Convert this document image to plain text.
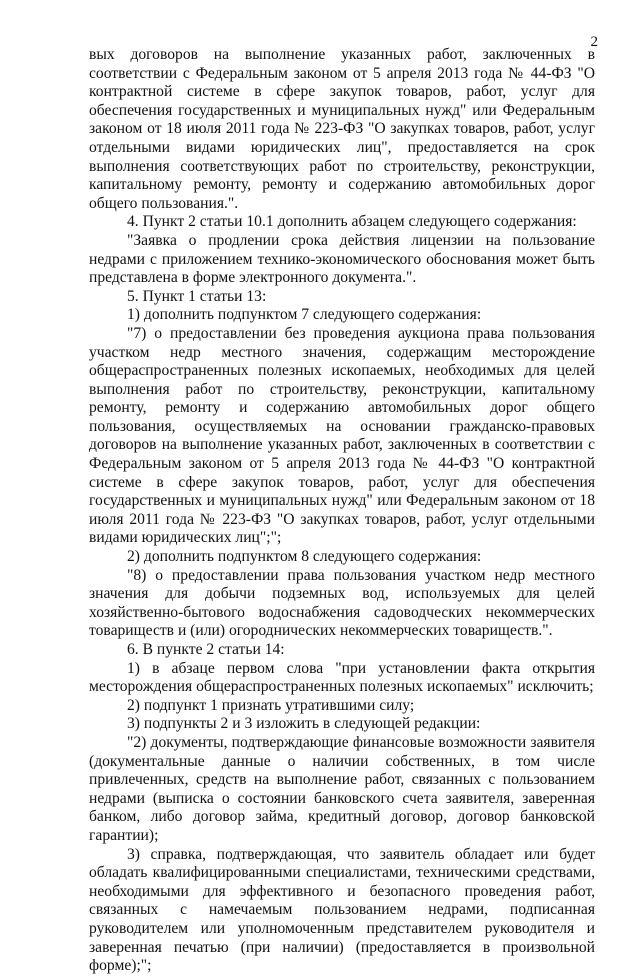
2

вых договоров на выполнение указанных работ, заключенных в соответствии с Федеральным законом от 5 апреля 2013 года № 44-ФЗ "О контрактной системе в сфере закупок товаров, работ, услуг для обеспечения государственных и муниципальных нужд" или Федеральным законом от 18 июля 2011 года № 223-ФЗ "О закупках товаров, работ, услуг отдельными видами юридических лиц", предоставляется на срок выполнения соответствующих работ по строительству, реконструкции, капитальному ремонту, ремонту и содержанию автомобильных дорог общего пользования.".

4. Пункт 2 статьи 10.1 дополнить абзацем следующего содержания:

"Заявка о продлении срока действия лицензии на пользование недрами с приложением технико-экономического обоснования может быть представлена в форме электронного документа.".

5. Пункт 1 статьи 13:

1) дополнить подпунктом 7 следующего содержания:

"7) о предоставлении без проведения аукциона права пользования участком недр местного значения, содержащим месторождение общераспространенных полезных ископаемых, необходимых для целей выполнения работ по строительству, реконструкции, капитальному ремонту, ремонту и содержанию автомобильных дорог общего пользования, осуществляемых на основании гражданско-правовых договоров на выполнение указанных работ, заключенных в соответствии с Федеральным законом от 5 апреля 2013 года № 44-ФЗ "О контрактной системе в сфере закупок товаров, работ, услуг для обеспечения государственных и муниципальных нужд" или Федеральным законом от 18 июля 2011 года № 223-ФЗ "О закупках товаров, работ, услуг отдельными видами юридических лиц";";

2) дополнить подпунктом 8 следующего содержания:

"8) о предоставлении права пользования участком недр местного значения для добычи подземных вод, используемых для целей хозяйственно-бытового водоснабжения садоводческих некоммерческих товариществ и (или) огороднических некоммерческих товариществ.".

6. В пункте 2 статьи 14:

1) в абзаце первом слова "при установлении факта открытия месторождения общераспространенных полезных ископаемых" исключить;

2) подпункт 1 признать утратившими силу;

3) подпункты 2 и 3 изложить в следующей редакции:

"2) документы, подтверждающие финансовые возможности заявителя (документальные данные о наличии собственных, в том числе привлеченных, средств на выполнение работ, связанных с пользованием недрами (выписка о состоянии банковского счета заявителя, заверенная банком, либо договор займа, кредитный договор, договор банковской гарантии);

3) справка, подтверждающая, что заявитель обладает или будет обладать квалифицированными специалистами, техническими средствами, необходимыми для эффективного и безопасного проведения работ, связанных с намечаемым пользованием недрами, подписанная руководителем или уполномоченным представителем руководителя и заверенная печатью (при наличии) (предоставляется в произвольной форме);";
